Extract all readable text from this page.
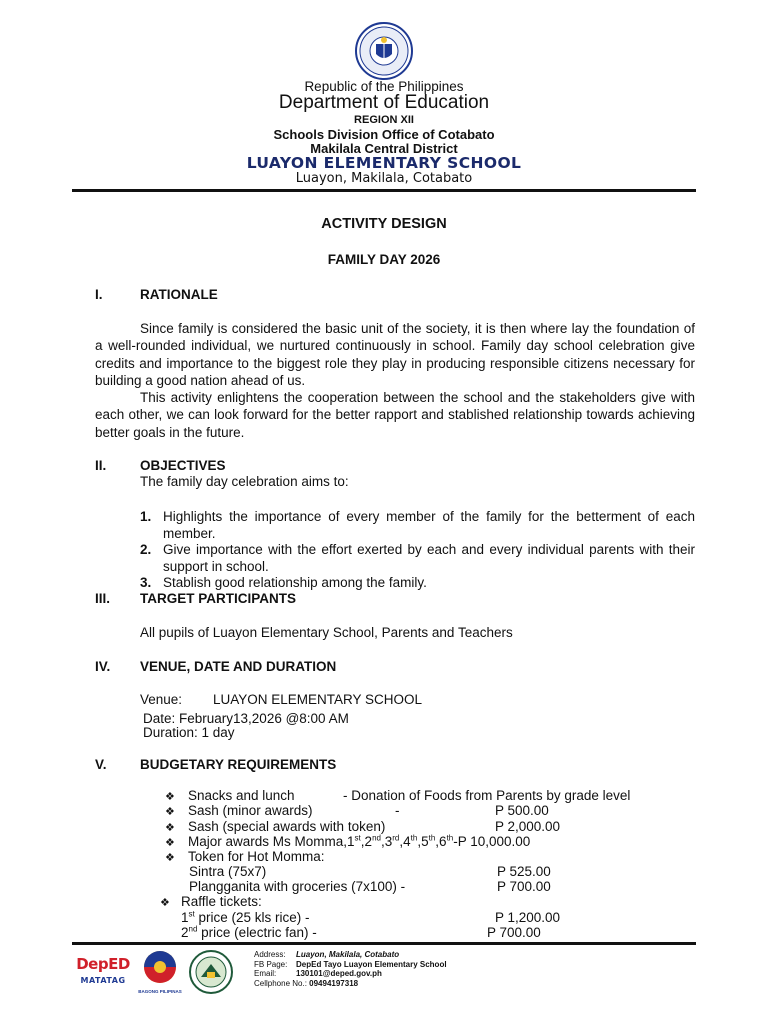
Republic of the Philippines
Department of Education
REGION XII
Schools Division Office of Cotabato
Makilala Central District
LUAYON ELEMENTARY SCHOOL
Luayon, Makilala, Cotabato
ACTIVITY DESIGN
FAMILY DAY 2026
I.	RATIONALE

Since family is considered the basic unit of the society, it is then where lay the foundation of a well-rounded individual, we nurtured continuously in school. Family day school celebration give credits and importance to the biggest role they play in producing responsible citizens necessary for building a good nation ahead of us.

This activity enlightens the cooperation between the school and the stakeholders give with each other, we can look forward for the better rapport and stablished relationship towards achieving better goals in the future.

II. OBJECTIVES
The family day celebration aims to:
1. Highlights the importance of every member of the family for the betterment of each member.
2. Give importance with the effort exerted by each and every individual parents with their support in school.
3. Stablish good relationship among the family.
III. TARGET PARTICIPANTS
All pupils of Luayon Elementary School, Parents and Teachers
IV. VENUE, DATE AND DURATION
Venue: LUAYON ELEMENTARY SCHOOL
Date: February13,2026 @8:00 AM
Duration: 1 day
V. BUDGETARY REQUIREMENTS
❖ Snacks and lunch	- Donation of Foods from Parents by grade level
❖ Sash (minor awards)	-	P 500.00
❖ Sash (special awards with token)	P 2,000.00
❖ Major awards Ms Momma,1st,2nd,3rd,4th,5th,6th-P 10,000.00
❖ Token for Hot Momma:
Sintra (75x7)	P 525.00
Plangganita with groceries (7x100) -	P 700.00
❖ Raffle tickets:
1st price (25 kls rice) -	P 1,200.00
2nd price (electric fan) -	P 700.00
DepED
MATATAG
BAGONG PILIPINAS
Address: Luayon, Makilala, Cotabato
FB Page: DepEd Tayo Luayon Elementary School
Email: 130101@deped.gov.ph
Cellphone No.: 09494197318
